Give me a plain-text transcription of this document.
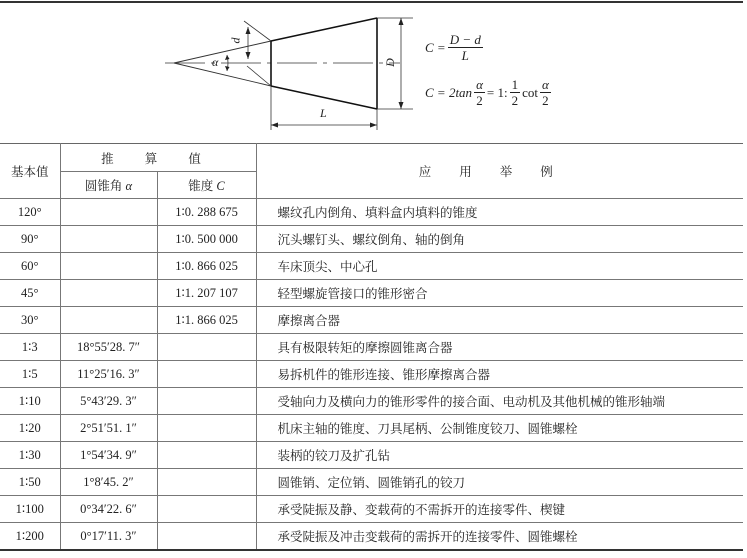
α
d
D
L
$C = \frac{D - d}{L}$
$C = 2\tan \frac{\alpha}{2} = 1$: $\frac{1}{2}$ $\cot \frac{\alpha}{2}$
基本值	推 算 值		应用举例
	圆锥角 α	锥度 C	
120°		1∶0. 288 675	螺纹孔内倒角、填料盒内填料的锥度
90°		1∶0. 500 000	沉头螺钉头、螺纹倒角、轴的倒角
60°		1∶0. 866 025	车床顶尖、中心孔
45°		1∶1. 207 107	轻型螺旋管接口的锥形密合
30°		1∶1. 866 025	摩擦离合器
1∶3	18°55′28. 7″		具有极限转矩的摩擦圆锥离合器
1∶5	11°25′16. 3″		易拆机件的锥形连接、锥形摩擦离合器
1∶10	5°43′29. 3″		受轴向力及横向力的锥形零件的接合面、电动机及其他机械的锥形轴端
1∶20	2°51′51. 1″		机床主轴的锥度、刀具尾柄、公制锥度铰刀、圆锥螺栓
1∶30	1°54′34. 9″		装柄的铰刀及扩孔钻
1∶50	1°8′45. 2″		圆锥销、定位销、圆锥销孔的铰刀
1∶100	0°34′22. 6″		承受陡振及静、变载荷的不需拆开的连接零件、楔键
1∶200	0°17′11. 3″		承受陡振及冲击变载荷的需拆开的连接零件、圆锥螺栓
